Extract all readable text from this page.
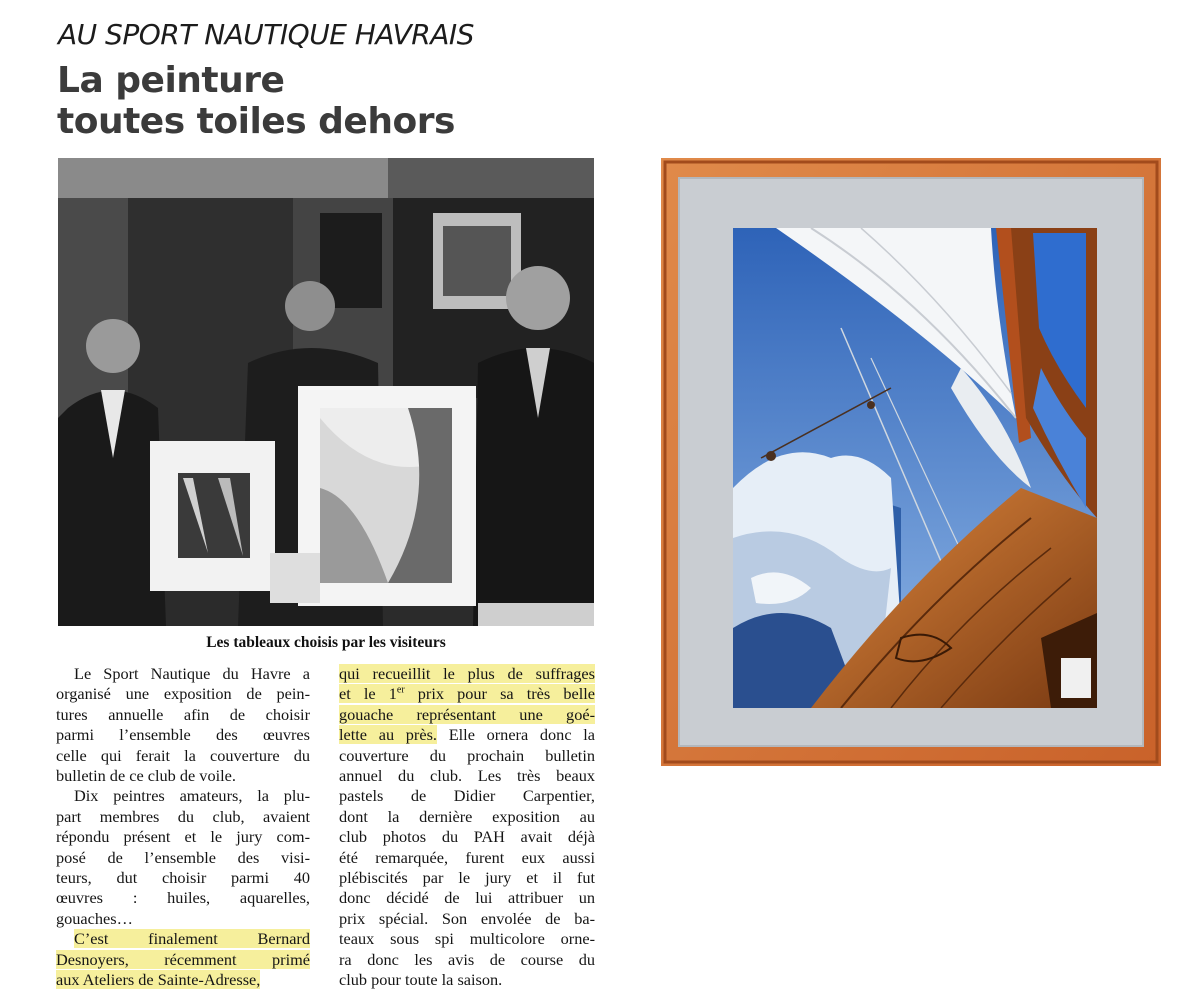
AU SPORT NAUTIQUE HAVRAIS
La peinture
toutes toiles dehors
Les tableaux choisis par les visiteurs
Le Sport Nautique du Havre a
organisé une exposition de pein-
tures annuelle afin de choisir
parmi l’ensemble des œuvres
celle qui ferait la couverture du
bulletin de ce club de voile.
Dix peintres amateurs, la plu-
part membres du club, avaient
répondu présent et le jury com-
posé de l’ensemble des visi-
teurs, dut choisir parmi 40
œuvres : huiles, aquarelles,
gouaches…
C’est finalement Bernard
Desnoyers, récemment primé
aux Ateliers de Sainte-Adresse,
qui recueillit le plus de suffrages
et le 1er prix pour sa très belle
gouache représentant une goé-
lette au près. Elle ornera donc la
couverture du prochain bulletin
annuel du club. Les très beaux
pastels de Didier Carpentier,
dont la dernière exposition au
club photos du PAH avait déjà
été remarquée, furent eux aussi
plébiscités par le jury et il fut
donc décidé de lui attribuer un
prix spécial. Son envolée de ba-
teaux sous spi multicolore orne-
ra donc les avis de course du
club pour toute la saison.
